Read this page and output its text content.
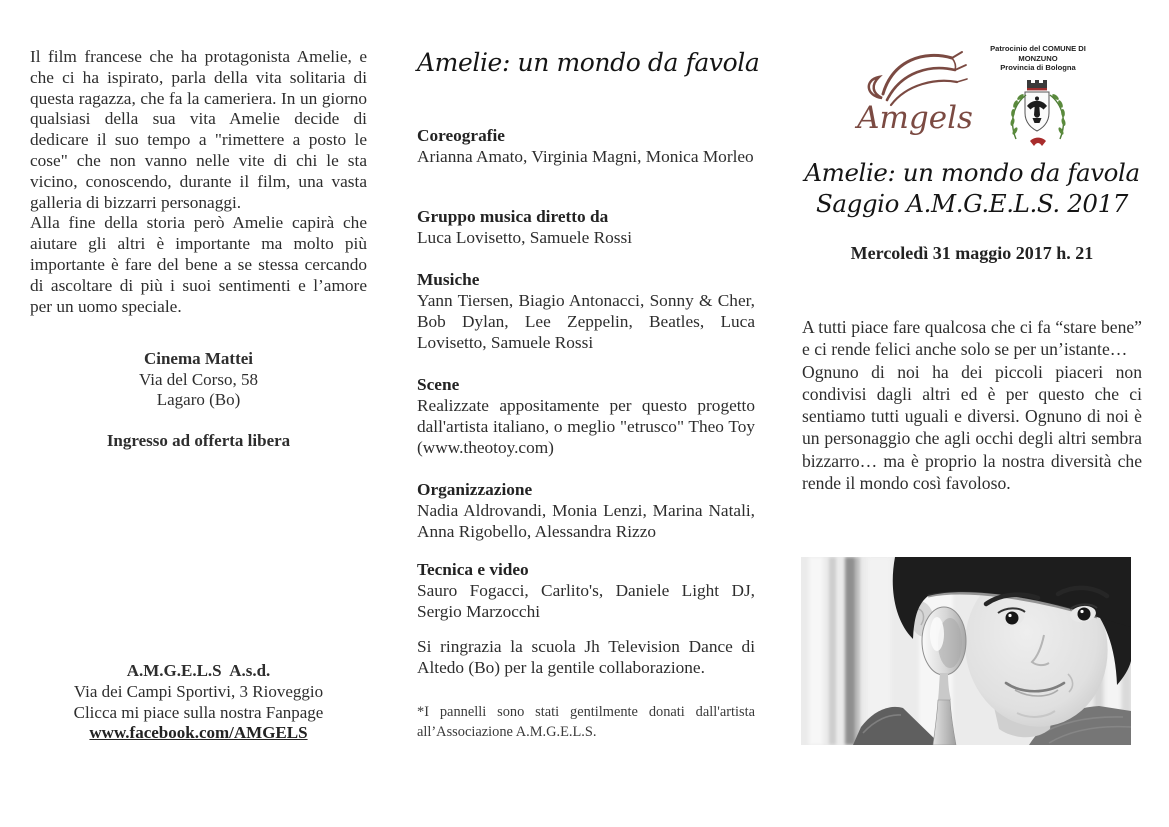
Il film francese che ha protagonista Amelie, e che ci ha ispirato, parla della vita solitaria di questa ragazza, che fa la cameriera. In un giorno qualsiasi della sua vita Amelie decide di dedicare il suo tempo a "rimettere a posto le cose" che non vanno nelle vite di chi le sta vicino, conoscendo, durante il film, una vasta galleria di bizzarri personaggi.

Alla fine della storia però Amelie capirà che aiutare gli altri è importante ma molto più importante è fare del bene a se stessa cercando di ascoltare di più i suoi sentimenti e l’amore per un uomo speciale.

Cinema Mattei
Via del Corso, 58
Lagaro (Bo)
Ingresso ad offerta libera
A.M.G.E.L.S  A.s.d.
Via dei Campi Sportivi, 3 Rioveggio
Clicca mi piace sulla nostra Fanpage
www.facebook.com/AMGELS
Amelie: un mondo da favola
Coreografie
Arianna Amato, Virginia Magni, Monica Morleo
Gruppo musica diretto da
Luca Lovisetto, Samuele Rossi
Musiche
Yann Tiersen, Biagio Antonacci, Sonny & Cher, Bob Dylan, Lee Zeppelin, Beatles, Luca Lovisetto, Samuele Rossi
Scene
Realizzate appositamente per questo progetto dall'artista italiano, o meglio "etrusco" Theo Toy (www.theotoy.com)
Organizzazione
Nadia Aldrovandi, Monia Lenzi, Marina Natali, Anna Rigobello, Alessandra Rizzo
Tecnica e video
Sauro Fogacci, Carlito's, Daniele Light DJ, Sergio Marzocchi
Si ringrazia la scuola Jh Television Dance di Altedo (Bo) per la gentile collaborazione.
*I pannelli sono stati gentilmente donati dall'artista all’Associazione A.M.G.E.L.S.
Amgels
Patrocinio del COMUNE DI MONZUNO
Provincia di Bologna
Amelie: un mondo da favola
Saggio A.M.G.E.L.S. 2017
Mercoledì 31 maggio 2017 h. 21

A tutti piace fare qualcosa che ci fa “stare bene” e ci rende felici anche solo se per un’istante…

Ognuno di noi ha dei piccoli piaceri non condivisi dagli altri ed è per questo che ci sentiamo tutti uguali e diversi. Ognuno di noi è un personaggio che agli occhi degli altri sembra bizzarro… ma è proprio la nostra diversità che rende il mondo così favoloso.
